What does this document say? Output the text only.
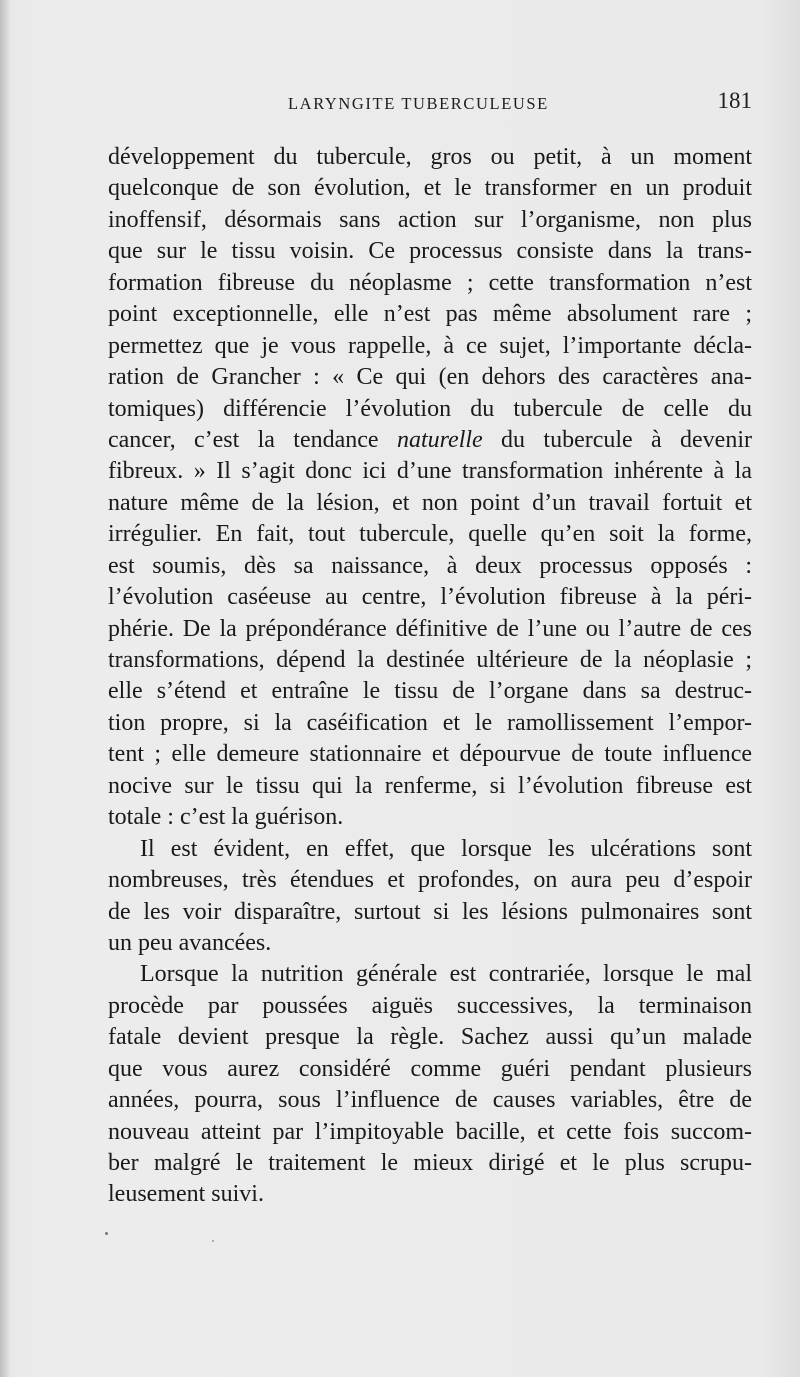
LARYNGITE TUBERCULEUSE	181
développement du tubercule, gros ou petit, à un moment
quelconque de son évolution, et le transformer en un produit
inoffensif, désormais sans action sur l’organisme, non plus
que sur le tissu voisin. Ce processus consiste dans la trans-
formation fibreuse du néoplasme ; cette transformation n’est
point exceptionnelle, elle n’est pas même absolument rare ;
permettez que je vous rappelle, à ce sujet, l’importante décla-
ration de Grancher : « Ce qui (en dehors des caractères ana-
tomiques) différencie l’évolution du tubercule de celle du
cancer, c’est la tendance naturelle du tubercule à devenir
fibreux. » Il s’agit donc ici d’une transformation inhérente à la
nature même de la lésion, et non point d’un travail fortuit et
irrégulier. En fait, tout tubercule, quelle qu’en soit la forme,
est soumis, dès sa naissance, à deux processus opposés :
l’évolution caséeuse au centre, l’évolution fibreuse à la péri-
phérie. De la prépondérance définitive de l’une ou l’autre de ces
transformations, dépend la destinée ultérieure de la néoplasie ;
elle s’étend et entraîne le tissu de l’organe dans sa destruc-
tion propre, si la caséification et le ramollissement l’empor-
tent ; elle demeure stationnaire et dépourvue de toute influence
nocive sur le tissu qui la renferme, si l’évolution fibreuse est
totale : c’est la guérison.
Il est évident, en effet, que lorsque les ulcérations sont
nombreuses, très étendues et profondes, on aura peu d’espoir
de les voir disparaître, surtout si les lésions pulmonaires sont
un peu avancées.
Lorsque la nutrition générale est contrariée, lorsque le mal
procède par poussées aiguës successives, la terminaison
fatale devient presque la règle. Sachez aussi qu’un malade
que vous aurez considéré comme guéri pendant plusieurs
années, pourra, sous l’influence de causes variables, être de
nouveau atteint par l’impitoyable bacille, et cette fois succom-
ber malgré le traitement le mieux dirigé et le plus scrupu-
leusement suivi.
